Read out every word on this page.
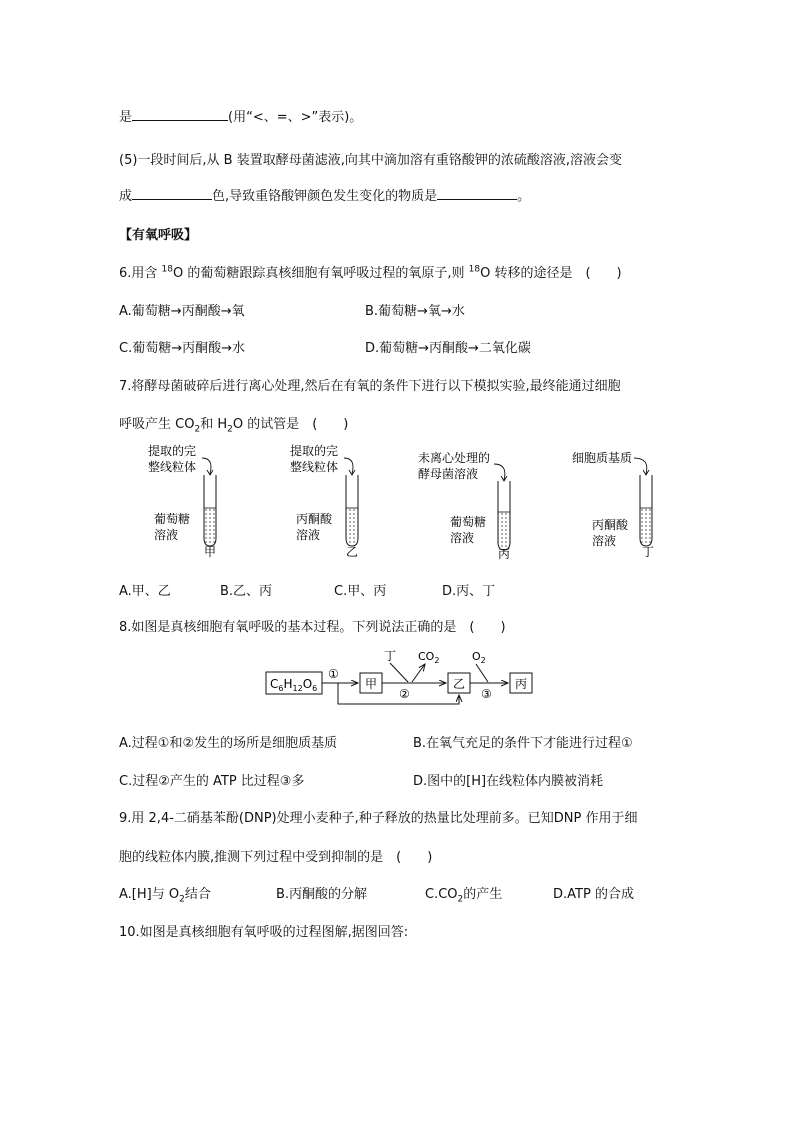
是	(用“<、=、>”表示)。
(5)一段时间后,从 B 装置取酵母菌滤液,向其中滴加溶有重铬酸钾的浓硫酸溶液,溶液会变
成	色,导致重铬酸钾颜色发生变化的物质是	。
【有氧呼吸】
6.用含 $^{18}$O 的葡萄糖跟踪真核细胞有氧呼吸过程的氧原子,则 $^{18}$O 转移的途径是　(　　)
A.葡萄糖→丙酮酸→氧	B.葡萄糖→氧→水
C.葡萄糖→丙酮酸→水	D.葡萄糖→丙酮酸→二氧化碳
7.将酵母菌破碎后进行离心处理,然后在有氧的条件下进行以下模拟实验,最终能通过细胞
呼吸产生 $CO_2$和 $H_2O$ 的试管是　(　　)
提取的完
整线粒体
葡萄糖
溶液
甲
提取的完
整线粒体
丙酮酸
溶液
乙
未离心处理的
酵母菌溶液
葡萄糖
溶液
丙
细胞质基质
丙酮酸
溶液
丁
A.甲、乙	B.乙、丙	C.甲、丙	D.丙、丁
8.如图是真核细胞有氧呼吸的基本过程。下列说法正确的是　(　　)
$C_6H_{12}O_6$
①
甲
②
丁 $CO_2$
乙
③
$O_2$
丙
A.过程①和②发生的场所是细胞质基质	B.在氧气充足的条件下才能进行过程①
C.过程②产生的 ATP 比过程③多	D.图中的[H]在线粒体内膜被消耗
9.用 2,4-二硝基苯酚(DNP)处理小麦种子,种子释放的热量比处理前多。已知DNP 作用于细
胞的线粒体内膜,推测下列过程中受到抑制的是　(　　)
A.[H]与 $O_2$结合	B.丙酮酸的分解	$C.CO_2$的产生	D.ATP 的合成
10.如图是真核细胞有氧呼吸的过程图解,据图回答:
